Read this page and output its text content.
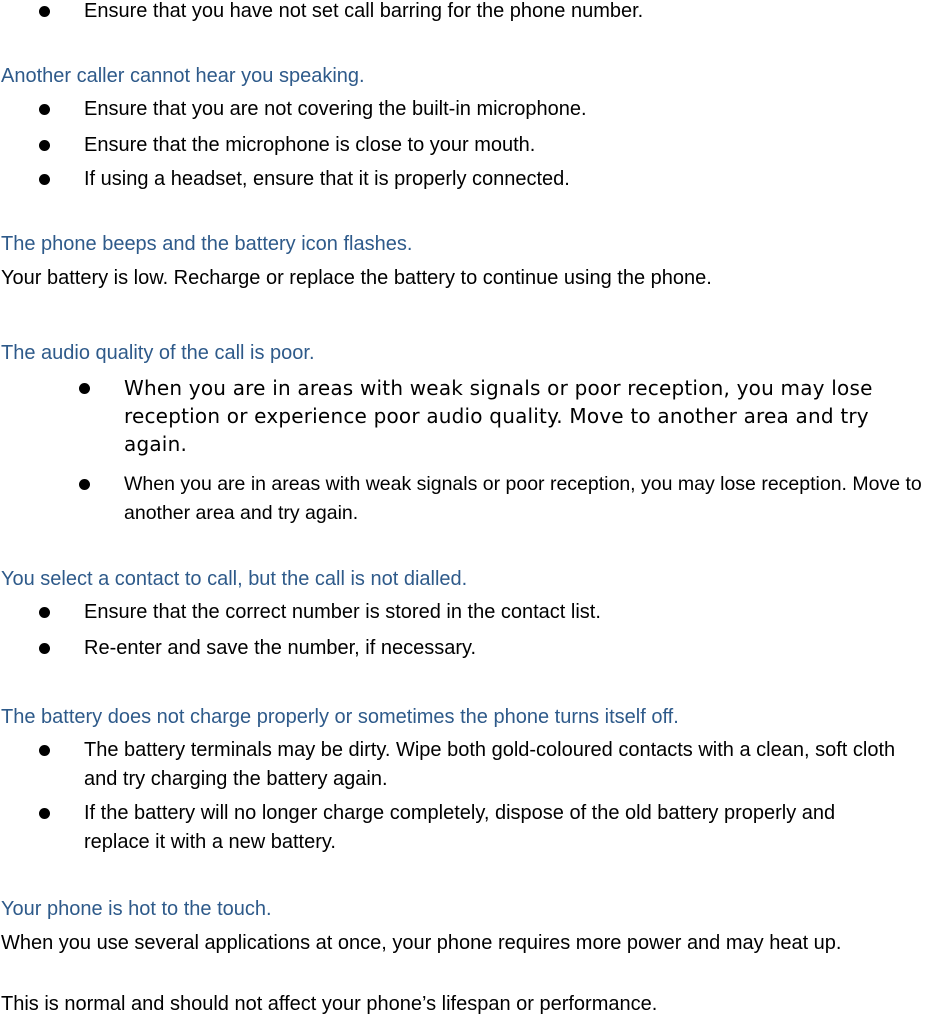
Ensure that you have not set call barring for the phone number.
Another caller cannot hear you speaking.
Ensure that you are not covering the built-in microphone.
Ensure that the microphone is close to your mouth.
If using a headset, ensure that it is properly connected.
The phone beeps and the battery icon flashes.
Your battery is low. Recharge or replace the battery to continue using the phone.
The audio quality of the call is poor.
When you are in areas with weak signals or poor reception, you may lose reception or experience poor audio quality. Move to another area and try again.
When you are in areas with weak signals or poor reception, you may lose reception. Move to another area and try again.
You select a contact to call, but the call is not dialled.
Ensure that the correct number is stored in the contact list.
Re-enter and save the number, if necessary.
The battery does not charge properly or sometimes the phone turns itself off.
The battery terminals may be dirty. Wipe both gold-coloured contacts with a clean, soft cloth and try charging the battery again.
If the battery will no longer charge completely, dispose of the old battery properly and replace it with a new battery.
Your phone is hot to the touch.
When you use several applications at once, your phone requires more power and may heat up.
This is normal and should not affect your phone’s lifespan or performance.
